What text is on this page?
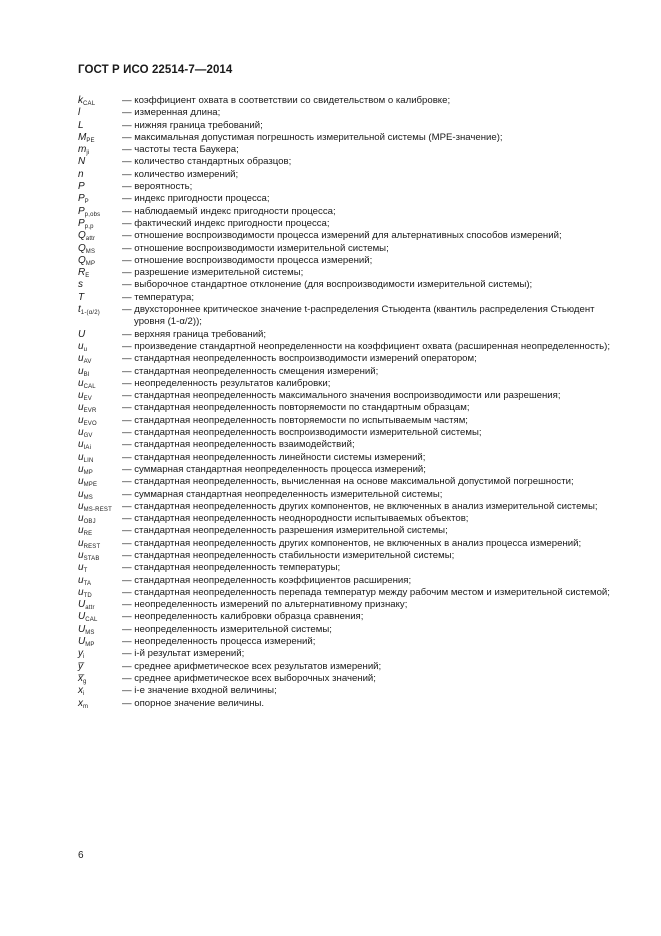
ГОСТ Р ИСО 22514-7—2014
$k_{CAL}$	— коэффициент охвата в соответствии со свидетельством о калибровке;
l	— измеренная длина;
L	— нижняя граница требований;
$M_{PE}$	— максимальная допустимая погрешность измерительной системы (МРЕ-значение);
$m_{ji}$	— частоты теста Баукера;
N	— количество стандартных образцов;
n	— количество измерений;
P	— вероятность;
$P_P$	— индекс пригодности процесса;
$P_{p,obs}$ — наблюдаемый индекс пригодности процесса;
$P_{p,p}$	— фактический индекс пригодности процесса;
$Q_{attr}$	— отношение воспроизводимости процесса измерений для альтернативных способов измерений;
$Q_{MS}$	— отношение воспроизводимости измерительной системы;
$Q_{MP}$	— отношение воспроизводимости процесса измерений;
$R_E$	— разрешение измерительной системы;
s	— выборочное стандартное отклонение (для воспроизводимости измерительной системы);
T	— температура;
$t_{1-(\alpha/2)}$ — двухстороннее критическое значение t-распределения Стьюдента (квантиль распределения Стьюдент уровня (1-α/2));
U	— верхняя граница требований;
$u_u$	— произведение стандартной неопределенности на коэффициент охвата (расширенная неопределенность);
$u_{AV}$	— стандартная неопределенность воспроизводимости измерений оператором;
$u_{BI}$	— стандартная неопределенность смещения измерений;
$u_{CAL}$	— неопределенность результатов калибровки;
$u_{EV}$	— стандартная неопределенность максимального значения воспроизводимости или разрешения;
$u_{EVR}$	— стандартная неопределенность повторяемости по стандартным образцам;
$u_{EVO}$	— стандартная неопределенность повторяемости по испытываемым частям;
$u_{GV}$	— стандартная неопределенность воспроизводимости измерительной системы;
$u_{IAi}$	— стандартная неопределенность взаимодействий;
$u_{LIN}$	— стандартная неопределенность линейности системы измерений;
$u_{MP}$	— суммарная стандартная неопределенность процесса измерений;
$u_{MPE}$	— стандартная неопределенность, вычисленная на основе максимальной допустимой погрешности;
$u_{MS}$	— суммарная стандартная неопределенность измерительной системы;
$u_{MS-REST}$ — стандартная неопределенность других компонентов, не включенных в анализ измерительной системы;
$u_{OBJ}$	— стандартная неопределенность неоднородности испытываемых объектов;
$u_{RE}$	— стандартная неопределенность разрешения измерительной системы;
$u_{REST}$ — стандартная неопределенность других компонентов, не включенных в анализ процесса измерений;
$u_{STAB}$ — стандартная неопределенность стабильности измерительной системы;
$u_T$	— стандартная неопределенность температуры;
$u_{TA}$	— стандартная неопределенность коэффициентов расширения;
$u_{TD}$	— стандартная неопределенность перепада температур между рабочим местом и измерительной системой;
$U_{attr}$	— неопределенность измерений по альтернативному признаку;
$U_{CAL}$	— неопределенность калибровки образца сравнения;
$U_{MS}$	— неопределенность измерительной системы;
$U_{MP}$	— неопределенность процесса измерений;
$y_i$	— i-й результат измерений;
y̅	— среднее арифметическое всех результатов измерений;
$x̅_g$	— среднее арифметическое всех выборочных значений;
$x_i$	— i-е значение входной величины;
$x_m$	— опорное значение величины.
6
